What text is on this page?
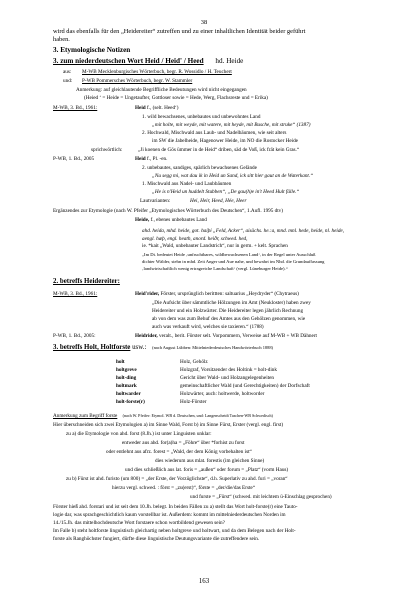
38
wird das ebenfalls für den „Heidereiter“ zutreffen und zu einer inhaltlichen Identität beider geführt
haben.
3. Etymologische Notizen
3. zum niederdeutschen Wort Heid / Heid' / Heed hd. Heide
aus: M-WB Mecklenburgisches Wörterbuch, begr. R. Wossidlo / H. Teuchert
und: P-WB Pommersches Wörterbuch, begr. W. Stammler
Anmerkung: auf gleichlautende Begriffliche Bedeutungen wird nicht eingegangen
(Heied ‘ = Heide = Ungetaufter, Gottloser sowie = Hede, Werg, Flachsreste und = Erika)
M-WB, 3. Bd., 1961:	Heid f., (selt. Heed‘)
1. wild bewachsenes, unbebautes und unbewohntes Land
„mit holte, mit weyde, mit watere, mit heyde, mit Busche, mit struke“ (1387)
2. Hochwald, Mischwald aus Laub- und Nadelbäumen, wie seit alters
im SW die Jabelheide, Hagenower Heide, im NO die Rostocker Heide
sprichwörtlich:	„Ji koenen de Gös ümmer in de Heid“ driben, säd de Voß, ick frät kein Gras.“
P-WB, 1. Bd., 2005	Heid f., Pl. -en.
2. unbebautes, sandiges, spärlich bewachsenes Gelände
„Nu segg mi, wat dau ik in Heid un Sand, ick sitt hier gaut an de Waterkant.“
1. Mischwald aus Nadel- und Laubbäumen
„He is n'Heid un huddelt Stubben“, „De gau(h)e in't Heed Hult fälle.“
Lautvarianten:	Hei, Heir, Heed, Hée, Heer
Ergänzendes zur Etymologie (nach W. Pfeifer „Etymologisches Wörterbuch des Deutschen“, 1.Aufl. 1995 dtv)
Heide, f., ebenes unbebautes Land
ahd. heida, mhd. heide, got. haiþi „Feld, Acker“, aisächs. he.:a, mnd. mnl. hede, heide, nl. heide, aengl. hæþ, engl. heath, anord. heiðr, schwed. hed,
ie. *kait „Wald, unbebauter Landstrich“, nur in germ. + kelt. Sprachen
„Im Dt. bedeutet Heide ‚unfruchtbares, wildbewachsenen Land‘, in der Regel unter Ausschluß
dichter Wälder, stehn in mhd. Zeit Anger und Aue nahe, und bewahrt im Nhd. die Grundauffassung
‚landwirtschaftlich wenig ertragreiche Landschaft‘ (vergl. Lüneburger Heide).“
2. betreffs Heidereiter:
M-WB, 3. Bd., 1961:	Heid'rider, Förster, ursprünglich berittten: saltuarius „Heydryder“ (Chytraeus)
„Die Aufsicht über sämmtliche Hölzungen im Amt (Neukloster) haben zwey
Heidereiter und ein Holzwärter. Die Heidereiter legen jährlich Rechnung
ab von dem was zum Behuf des Amtes aus den Gehölzen genommen, wie
auch was verkauft wird, welches sie taxieren.“ (1788)
P-WB, 1. Bd., 2005:	Heidrider, veralt., berit. Förster selt. Vorpommern, Verweise auf M-WB + WB Dähnert
3. betreffs Holt, Holtforste usw.: (nach August Lübben: Mittelniederdeutsches Handwörterbuch 1888)
holt	Holz, Gehölz
holtgreve	Holzgraf, Vorsitzender des Holtink = holt-dink
holt-ding	Gericht über Wald- und Holzangelegenheiten
holtmark	gemeinschaftlicher Wald (und Gerechtigkeiten) der Dorfschaft
holtwarder	Holzwärter, auch: holtwerde, holtworder
holt-forste(r)	Holz-Förster
Anmerkung zum Begriff forste (nach W. Pfeifer: Etymol. WB d. Deutschen, und: Langenscheidt Taschen-WB Schwedisch)
Hier überschneiden sich zwei Etymologien a) im Sinne Wald, Forst b) im Sinne Fürst, Erster (vergl. engl. first)
zu a) die Etymologie von ahd. forst (8.Jh.) ist unter Linguisten unklar:
entweder aus ahd. for(a)ha = „Föhre“ über *forhist zu forst
oder entlehnt aus afrz. forest = „Wald, der dem König vorbehalten ist“
dies wiederum aus mlat. forestis (im gleichen Sinne)
und dies schließlich aus lat. foris = „außen“ oder forum = „Platz“ (vorm Haus)
zu b) Fürst ist ahd. furisto (um 800) = „der Erste, der Vorzüglichste“, d.h. Superlativ zu ahd. furi = „voran“
hierzu vergl. schwed. : först = „zu(erst)“, förste = „der/die/das Erste“
und furste = „Fürst“ (schwed. mit leichtem ü-Einschlag gesprochen)
Förster hieß ahd. forstari und ist seit dem 10.Jh. belegt. In beiden Fällen zu a) stellt das Wort holt-forste(r) eine Tauto-
logie dar, was sprachgeschichtlich kaum vorstellbar ist. Außerdem: kommt im mittelniederdeutschen Norden im
14./15.Jh. das mittelhochdeutsche Wort forstaere schon wortbildend gewesen sein?
Im Falle b) steht holtforste linguistisch gleichartig neben holtgreve und holtwart, und da dem Belegen nach der Holt-
forste als Ranghöchster fungiert, dürfte diese linguistische Deutungsvariante die zutreffendere sein.
163
